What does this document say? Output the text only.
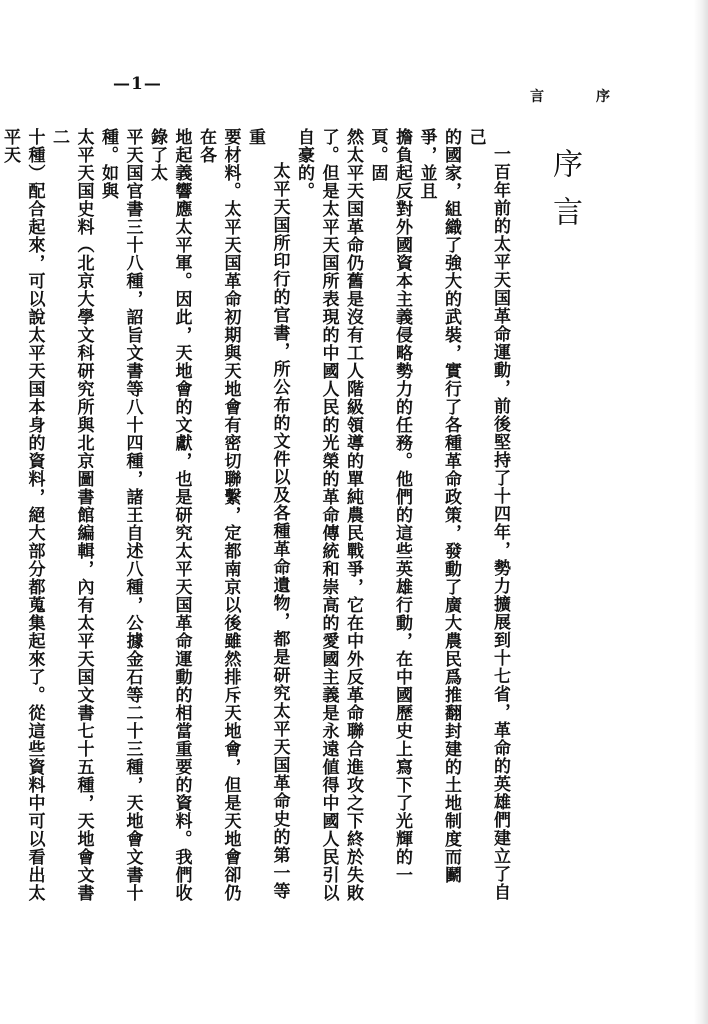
序
言
—1—
序言

一百年前的太平天国革命運動，前後堅持了十四年，勢力擴展到十七省，革命的英雄們建立了自己
的國家，組織了強大的武裝，實行了各種革命政策，發動了廣大農民爲推翻封建的土地制度而鬬爭，並且
擔負起反對外國資本主義侵略勢力的任務。他們的這些英雄行動，在中國歷史上寫下了光輝的一頁。固
然太平天国革命仍舊是沒有工人階級領導的單純農民戰爭，它在中外反革命聯合進攻之下終於失敗
了。但是太平天国所表現的中國人民的光榮的革命傳統和崇高的愛國主義是永遠値得中國人民引以
自豪的。

太平天国所印行的官書，所公布的文件以及各種革命遺物，都是研究太平天国革命史的第一等重
要材料。太平天国革命初期與天地會有密切聯繫，定都南京以後雖然排斥天地會，但是天地會卻仍在各
地起義響應太平軍。因此，天地會的文獻，也是研究太平天国革命運動的相當重要的資料。我們收錄了太
平天国官書三十八種，詔旨文書等八十四種，諸王自述八種，公據金石等二十三種，天地會文書十種。如與
太平天国史料（北京大學文科研究所與北京圖書館編輯，內有太平天国文書七十五種，天地會文書二
十種）配合起來，可以說太平天国本身的資料，絕大部分都蒐集起來了。從這些資料中可以看出太平天
